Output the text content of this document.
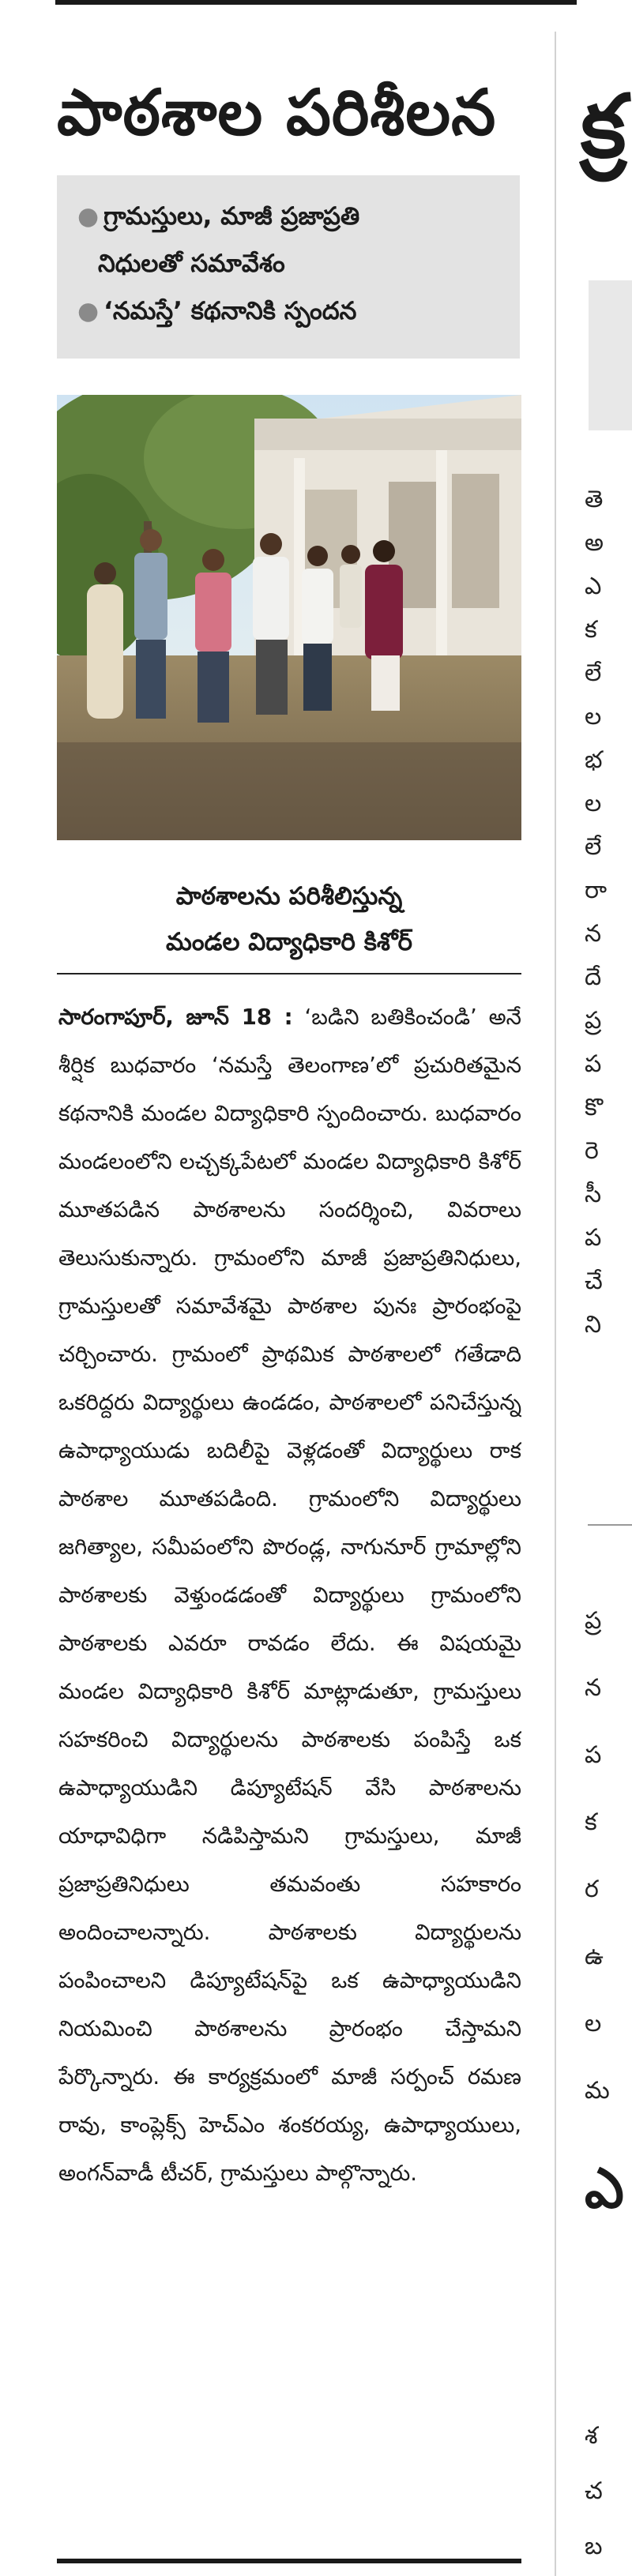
పాఠశాల పరిశీలన
● గ్రామస్తులు, మాజీ ప్రజాప్రతి
నిధులతో సమావేశం
● ‘నమస్తే’ కథనానికి స్పందన
పాఠశాలను పరిశీలిస్తున్న
మండల విద్యాధికారి కిశోర్
సారంగాపూర్, జూన్ 18 : ‘బడిని బతికించండి’ అనే శీర్షిక బుధవారం ‘నమస్తే తెలంగాణ’లో ప్రచురితమైన కథనానికి మండల విద్యాధికారి స్పందించారు. బుధవారం మండలంలోని లచ్చక్కపేటలో మండల విద్యాధికారి కిశోర్ మూతపడిన పాఠశాలను సందర్శించి, వివరాలు తెలుసుకున్నారు. గ్రామంలోని మాజీ ప్రజాప్రతినిధులు, గ్రామస్తులతో సమావేశమై పాఠశాల పునః ప్రారంభంపై చర్చించారు. గ్రామంలో ప్రాథమిక పాఠశాలలో గతేడాది ఒకరిద్దరు విద్యార్థులు ఉండడం, పాఠశాలలో పనిచేస్తున్న ఉపాధ్యాయుడు బదిలీపై వెళ్లడంతో విద్యార్థులు రాక పాఠశాల మూతపడింది. గ్రామంలోని విద్యార్థులు జగిత్యాల, సమీపంలోని పొరండ్ల, నాగునూర్ గ్రామాల్లోని పాఠశాలకు వెళ్తుండడంతో విద్యార్థులు గ్రామంలోని పాఠశాలకు ఎవరూ రావడం లేదు. ఈ విషయమై మండల విద్యాధికారి కిశోర్ మాట్లాడుతూ, గ్రామస్తులు సహకరించి విద్యార్థులను పాఠశాలకు పంపిస్తే ఒక ఉపాధ్యాయుడిని డిప్యూటేషన్ వేసి పాఠశాలను యాధావిధిగా నడిపిస్తామని గ్రామస్తులు, మాజీ ప్రజాప్రతినిధులు తమవంతు సహకారం అందించాలన్నారు. పాఠశాలకు విద్యార్థులను పంపించాలని డిప్యూటేషన్‌పై ఒక ఉపాధ్యాయుడిని నియమించి పాఠశాలను ప్రారంభం చేస్తామని పేర్కొన్నారు. ఈ కార్యక్రమంలో మాజీ సర్పంచ్ రమణ రావు, కాంప్లెక్స్ హెచ్‌ఎం శంకరయ్య, ఉపాధ్యాయులు, అంగన్‌వాడీ టీచర్, గ్రామస్తులు పాల్గొన్నారు.
క్ర
తె
అ
ఎ
క
లే
ల
భ
ల
లే
రా
న
దే
ప్ర
ప
కొ
రె
సీ
ప
చే
ని
ప్ర
న
ప
క
ర
ఉ
ల
మ
ఎ
శ
చ
బ
